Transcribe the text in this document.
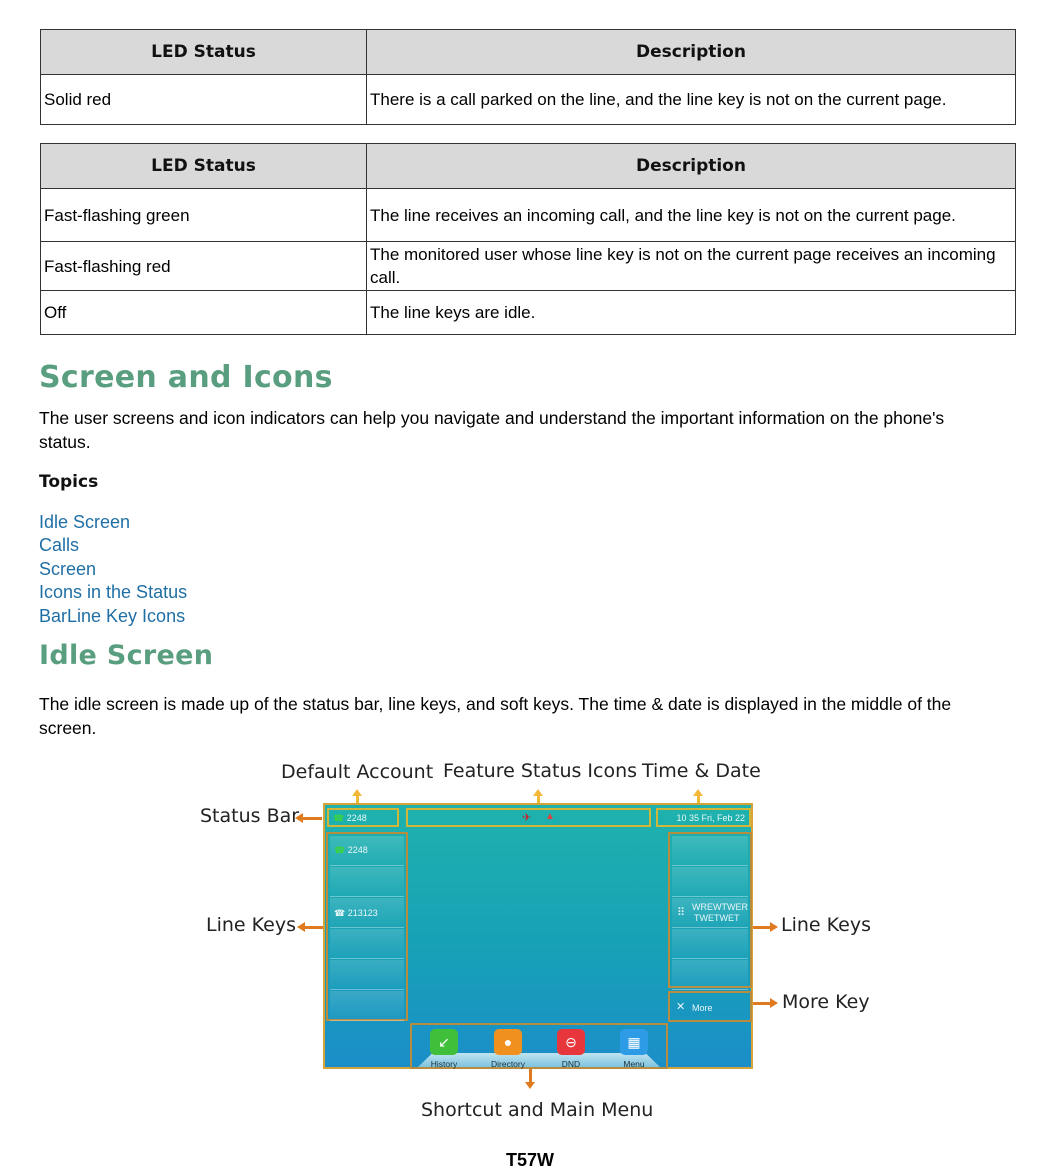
LED Status	Description
Solid red	There is a call parked on the line, and the line key is not on the current page.
LED Status	Description
Fast-flashing green	The line receives an incoming call, and the line key is not on the current page.
Fast-flashing red	The monitored user whose line key is not on the current page receives an incoming call.
Off	The line keys are idle.
Screen and Icons

The user screens and icon indicators can help you navigate and understand the important information on the phone's status.

Topics
Idle Screen
Calls
Screen
Icons in the Status
BarLine Key Icons
Idle Screen

The idle screen is made up of the status bar, line keys, and soft keys. The time & date is displayed in the middle of the screen.

Default Account Feature Status Icons Time & Date
Status Bar
Line Keys	Line Keys
More Key
☎ 2248	✈ ▲	10 35 Fri, Feb 22
☎ 2248
☎ 213123	⠿ WREWTWER
TWETWET
✕ More
↙
History
●
Directory
⊖
DND
▦
Menu
Shortcut and Main Menu
T57W
